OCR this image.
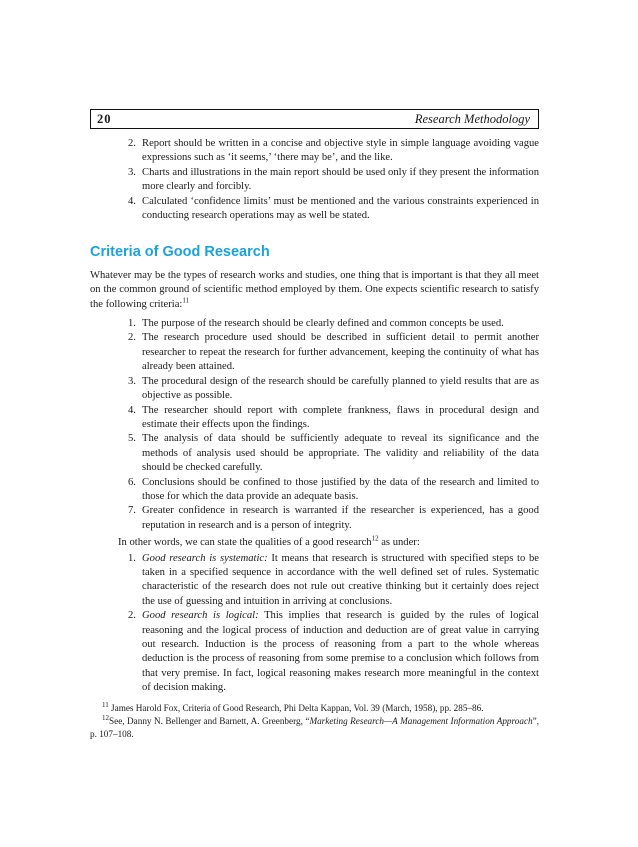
20	Research Methodology
2. Report should be written in a concise and objective style in simple language avoiding vague expressions such as ‘it seems,’ ‘there may be’, and the like.
3. Charts and illustrations in the main report should be used only if they present the information more clearly and forcibly.
4. Calculated ‘confidence limits’ must be mentioned and the various constraints experienced in conducting research operations may as well be stated.
Criteria of Good Research

Whatever may be the types of research works and studies, one thing that is important is that they all meet on the common ground of scientific method employed by them. One expects scientific research to satisfy the following criteria:$^{11}$

1. The purpose of the research should be clearly defined and common concepts be used.
2. The research procedure used should be described in sufficient detail to permit another researcher to repeat the research for further advancement, keeping the continuity of what has already been attained.
3. The procedural design of the research should be carefully planned to yield results that are as objective as possible.
4. The researcher should report with complete frankness, flaws in procedural design and estimate their effects upon the findings.
5. The analysis of data should be sufficiently adequate to reveal its significance and the methods of analysis used should be appropriate. The validity and reliability of the data should be checked carefully.
6. Conclusions should be confined to those justified by the data of the research and limited to those for which the data provide an adequate basis.
7. Greater confidence in research is warranted if the researcher is experienced, has a good reputation in research and is a person of integrity.

In other words, we can state the qualities of a good research$^{12}$ as under:

1. Good research is systematic: It means that research is structured with specified steps to be taken in a specified sequence in accordance with the well defined set of rules. Systematic characteristic of the research does not rule out creative thinking but it certainly does reject the use of guessing and intuition in arriving at conclusions.
2. Good research is logical: This implies that research is guided by the rules of logical reasoning and the logical process of induction and deduction are of great value in carrying out research. Induction is the process of reasoning from a part to the whole whereas deduction is the process of reasoning from some premise to a conclusion which follows from that very premise. In fact, logical reasoning makes research more meaningful in the context of decision making.

$^{11}$ James Harold Fox, Criteria of Good Research, Phi Delta Kappan, Vol. 39 (March, 1958), pp. 285–86.

$^{12}$See, Danny N. Bellenger and Barnett, A. Greenberg, “Marketing Research—A Management Information Approach”, p. 107–108.
